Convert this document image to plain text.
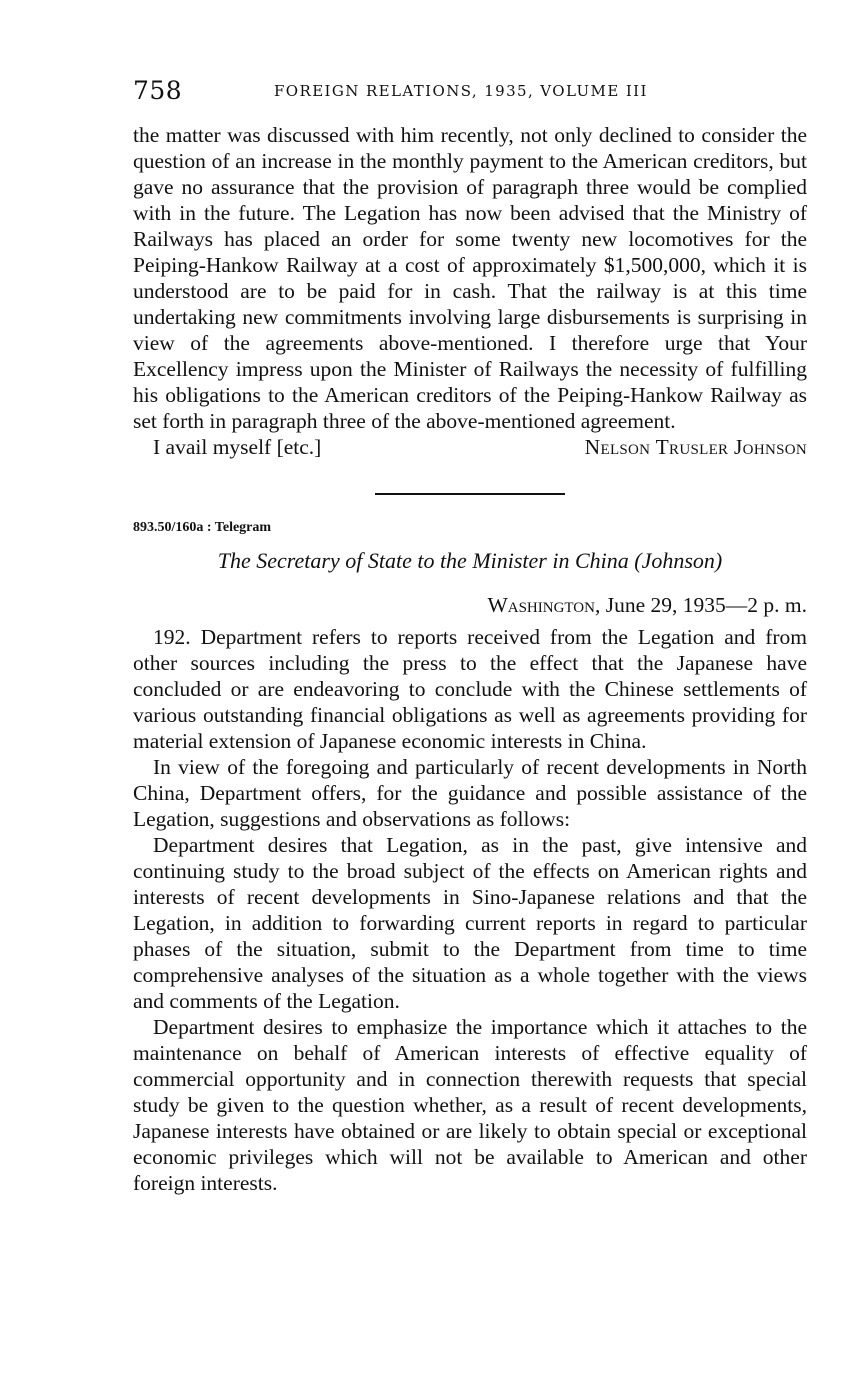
758	FOREIGN RELATIONS, 1935, VOLUME III

the matter was discussed with him recently, not only declined to consider the question of an increase in the monthly payment to the American creditors, but gave no assurance that the provision of paragraph three would be complied with in the future. The Legation has now been advised that the Ministry of Railways has placed an order for some twenty new locomotives for the Peiping-Hankow Railway at a cost of approximately $1,500,000, which it is understood are to be paid for in cash. That the railway is at this time undertaking new commitments involving large disbursements is surprising in view of the agreements above-mentioned. I therefore urge that Your Excellency impress upon the Minister of Railways the necessity of fulfilling his obligations to the American creditors of the Peiping-Hankow Railway as set forth in paragraph three of the above-mentioned agreement.

I avail myself [etc.]	Nelson Trusler Johnson
893.50/160a : Telegram
The Secretary of State to the Minister in China (Johnson)
Washington, June 29, 1935—2 p. m.

192. Department refers to reports received from the Legation and from other sources including the press to the effect that the Japanese have concluded or are endeavoring to conclude with the Chinese settlements of various outstanding financial obligations as well as agreements providing for material extension of Japanese economic interests in China.

In view of the foregoing and particularly of recent developments in North China, Department offers, for the guidance and possible assistance of the Legation, suggestions and observations as follows:

Department desires that Legation, as in the past, give intensive and continuing study to the broad subject of the effects on American rights and interests of recent developments in Sino-Japanese relations and that the Legation, in addition to forwarding current reports in regard to particular phases of the situation, submit to the Department from time to time comprehensive analyses of the situation as a whole together with the views and comments of the Legation.

Department desires to emphasize the importance which it attaches to the maintenance on behalf of American interests of effective equality of commercial opportunity and in connection therewith requests that special study be given to the question whether, as a result of recent developments, Japanese interests have obtained or are likely to obtain special or exceptional economic privileges which will not be available to American and other foreign interests.
